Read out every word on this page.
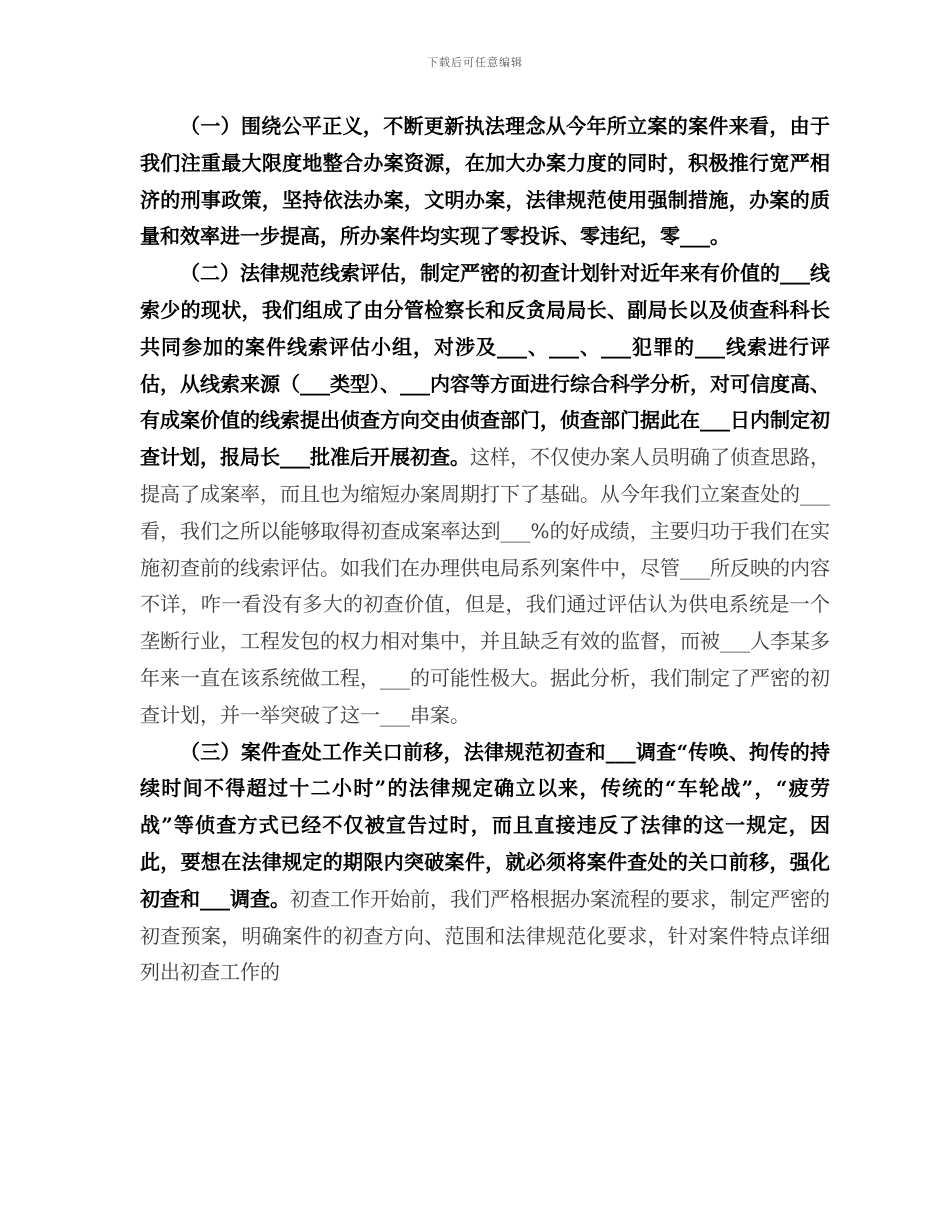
下载后可任意编辑

（一）围绕公平正义，不断更新执法理念从今年所立案的案件来看，由于我们注重最大限度地整合办案资源，在加大办案力度的同时，积极推行宽严相济的刑事政策，坚持依法办案，文明办案，法律规范使用强制措施，办案的质量和效率进一步提高，所办案件均实现了零投诉、零违纪，零___。

（二）法律规范线索评估，制定严密的初查计划针对近年来有价值的___线索少的现状，我们组成了由分管检察长和反贪局局长、副局长以及侦查科科长共同参加的案件线索评估小组，对涉及___、___、___犯罪的___线索进行评估，从线索来源（___类型）、___内容等方面进行综合科学分析，对可信度高、有成案价值的线索提出侦查方向交由侦查部门，侦查部门据此在___日内制定初查计划，报局长___批准后开展初查。这样，不仅使办案人员明确了侦查思路，提高了成案率，而且也为缩短办案周期打下了基础。从今年我们立案查处的___看，我们之所以能够取得初查成案率达到___%的好成绩，主要归功于我们在实施初查前的线索评估。如我们在办理供电局系列案件中，尽管___所反映的内容不详，咋一看没有多大的初查价值，但是，我们通过评估认为供电系统是一个垄断行业，工程发包的权力相对集中，并且缺乏有效的监督，而被___人李某多年来一直在该系统做工程，___的可能性极大。据此分析，我们制定了严密的初查计划，并一举突破了这一___串案。

（三）案件查处工作关口前移，法律规范初查和___调查“传唤、拘传的持续时间不得超过十二小时”的法律规定确立以来，传统的“车轮战”，“疲劳战”等侦查方式已经不仅被宣告过时，而且直接违反了法律的这一规定，因此，要想在法律规定的期限内突破案件，就必须将案件查处的关口前移，强化初查和___调查。初查工作开始前，我们严格根据办案流程的要求，制定严密的初查预案，明确案件的初查方向、范围和法律规范化要求，针对案件特点详细列出初查工作的
